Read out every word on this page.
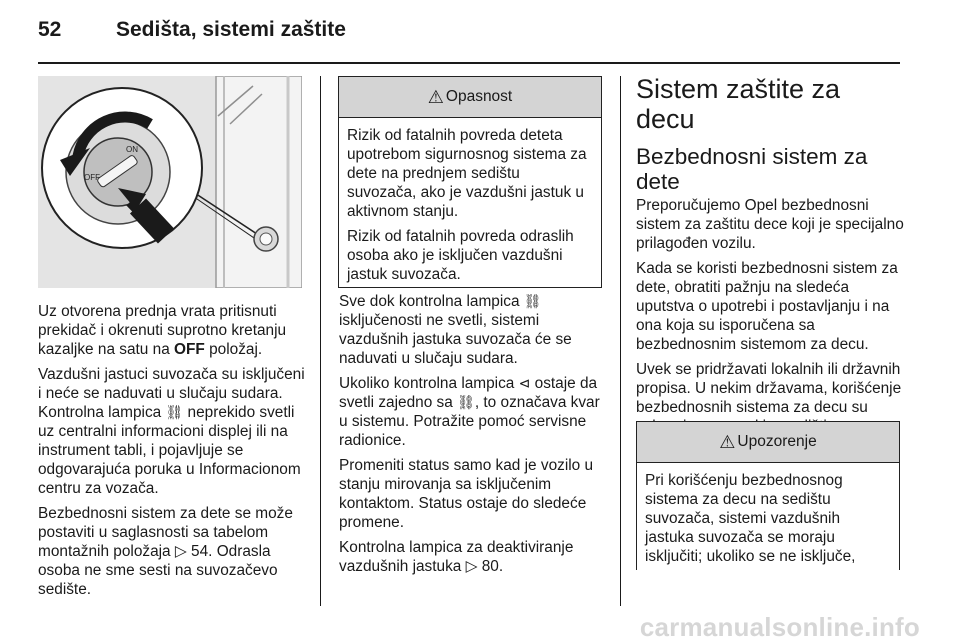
52	Sedišta, sistemi zaštite
ON
OFF

Uz otvorena prednja vrata pritisnuti prekidač i okrenuti suprotno kretanju kazaljke na satu na OFF položaj.

Vazdušni jastuci suvozača su isključeni i neće se naduvati u slučaju sudara. Kontrolna lampica ⛓ neprekido svetli uz centralni informacioni displej ili na instrument tabli, i pojavljuje se odgovarajuća poruka u Informacionom centru za vozača.

Bezbednosni sistem za dete se može postaviti u saglasnosti sa tabelom montažnih položaja ▷ 54. Odrasla osoba ne sme sesti na suvozačevo sedište.

⚠ Opasnost

Rizik od fatalnih povreda deteta upotrebom sigurnosnog sistema za dete na prednjem sedištu suvozača, ako je vazdušni jastuk u aktivnom stanju.

Rizik od fatalnih povreda odraslih osoba ako je isključen vazdušni jastuk suvozača.

Sve dok kontrolna lampica ⛓ isključenosti ne svetli, sistemi vazdušnih jastuka suvozača će se naduvati u slučaju sudara.

Ukoliko kontrolna lampica ⊲ ostaje da svetli zajedno sa ⛓, to označava kvar u sistemu. Potražite pomoć servisne radionice.

Promeniti status samo kad je vozilo u stanju mirovanja sa isključenim kontaktom. Status ostaje do sledeće promene.

Kontrolna lampica za deaktiviranje vazdušnih jastuka ▷ 80.

Sistem zaštite za decu
Bezbednosni sistem za dete

Preporučujemo Opel bezbednosni sistem za zaštitu dece koji je specijalno prilagođen vozilu.

Kada se koristi bezbednosni sistem za dete, obratiti pažnju na sledeća uputstva o upotrebi i postavljanju i na ona koja su isporučena sa bezbednosnim sistemom za decu.

Uvek se pridržavati lokalnih ili državnih propisa. U nekim državama, korišćenje bezbednosnih sistema za decu su

⚠ Upozorenje

Pri korišćenju bezbednosnog sistema za decu na sedištu suvozača, sistemi vazdušnih jastuka suvozača se moraju isključiti; ukoliko se ne isključe,

carmanualsonline.info
